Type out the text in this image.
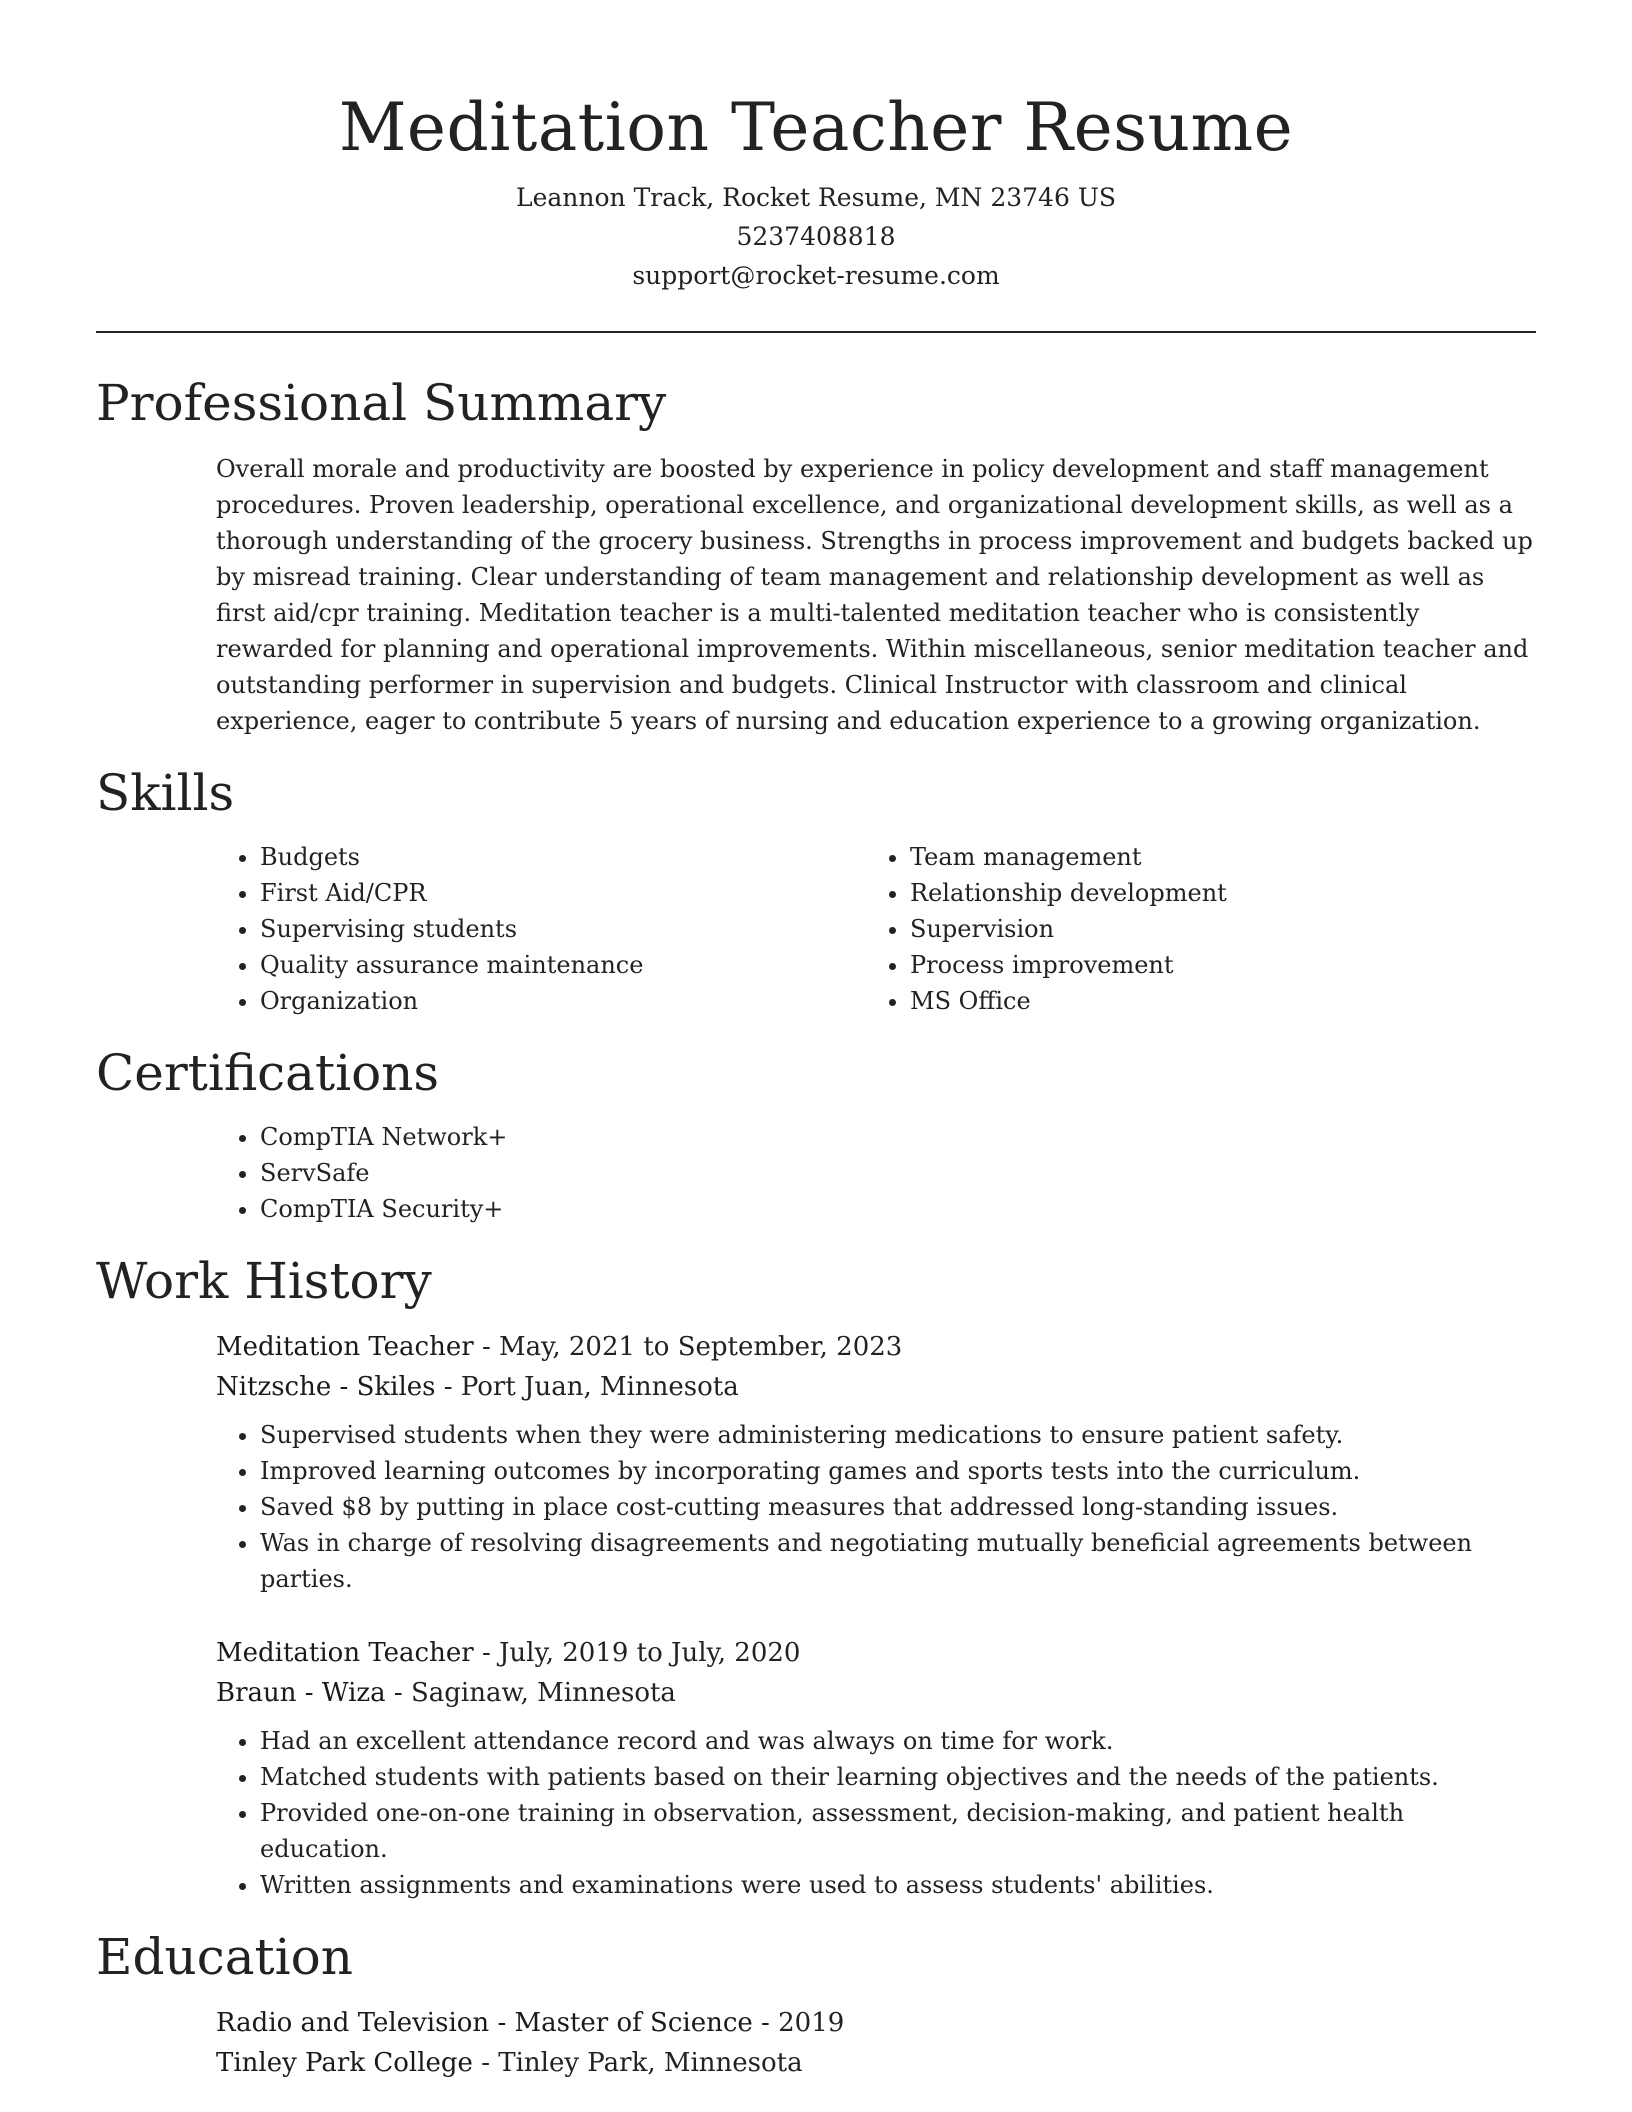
Meditation Teacher Resume
Leannon Track, Rocket Resume, MN 23746 US
5237408818
support@rocket-resume.com
Professional Summary

Overall morale and productivity are boosted by experience in policy development and staff management procedures. Proven leadership, operational excellence, and organizational development skills, as well as a thorough understanding of the grocery business. Strengths in process improvement and budgets backed up by misread training. Clear understanding of team management and relationship development as well as first aid/cpr training. Meditation teacher is a multi-talented meditation teacher who is consistently rewarded for planning and operational improvements. Within miscellaneous, senior meditation teacher and outstanding performer in supervision and budgets. Clinical Instructor with classroom and clinical experience, eager to contribute 5 years of nursing and education experience to a growing organization.

Skills
• Budgets
• First Aid/CPR
• Supervising students
• Quality assurance maintenance
• Organization
• Team management
• Relationship development
• Supervision
• Process improvement
• MS Office
Certifications
• CompTIA Network+
• ServSafe
• CompTIA Security+
Work History
Meditation Teacher - May, 2021 to September, 2023
Nitzsche - Skiles - Port Juan, Minnesota
• Supervised students when they were administering medications to ensure patient safety.
• Improved learning outcomes by incorporating games and sports tests into the curriculum.
• Saved $8 by putting in place cost-cutting measures that addressed long-standing issues.
• Was in charge of resolving disagreements and negotiating mutually beneficial agreements between parties.
Meditation Teacher - July, 2019 to July, 2020
Braun - Wiza - Saginaw, Minnesota
• Had an excellent attendance record and was always on time for work.
• Matched students with patients based on their learning objectives and the needs of the patients.
• Provided one-on-one training in observation, assessment, decision-making, and patient health education.
• Written assignments and examinations were used to assess students' abilities.
Education
Radio and Television - Master of Science - 2019
Tinley Park College - Tinley Park, Minnesota
